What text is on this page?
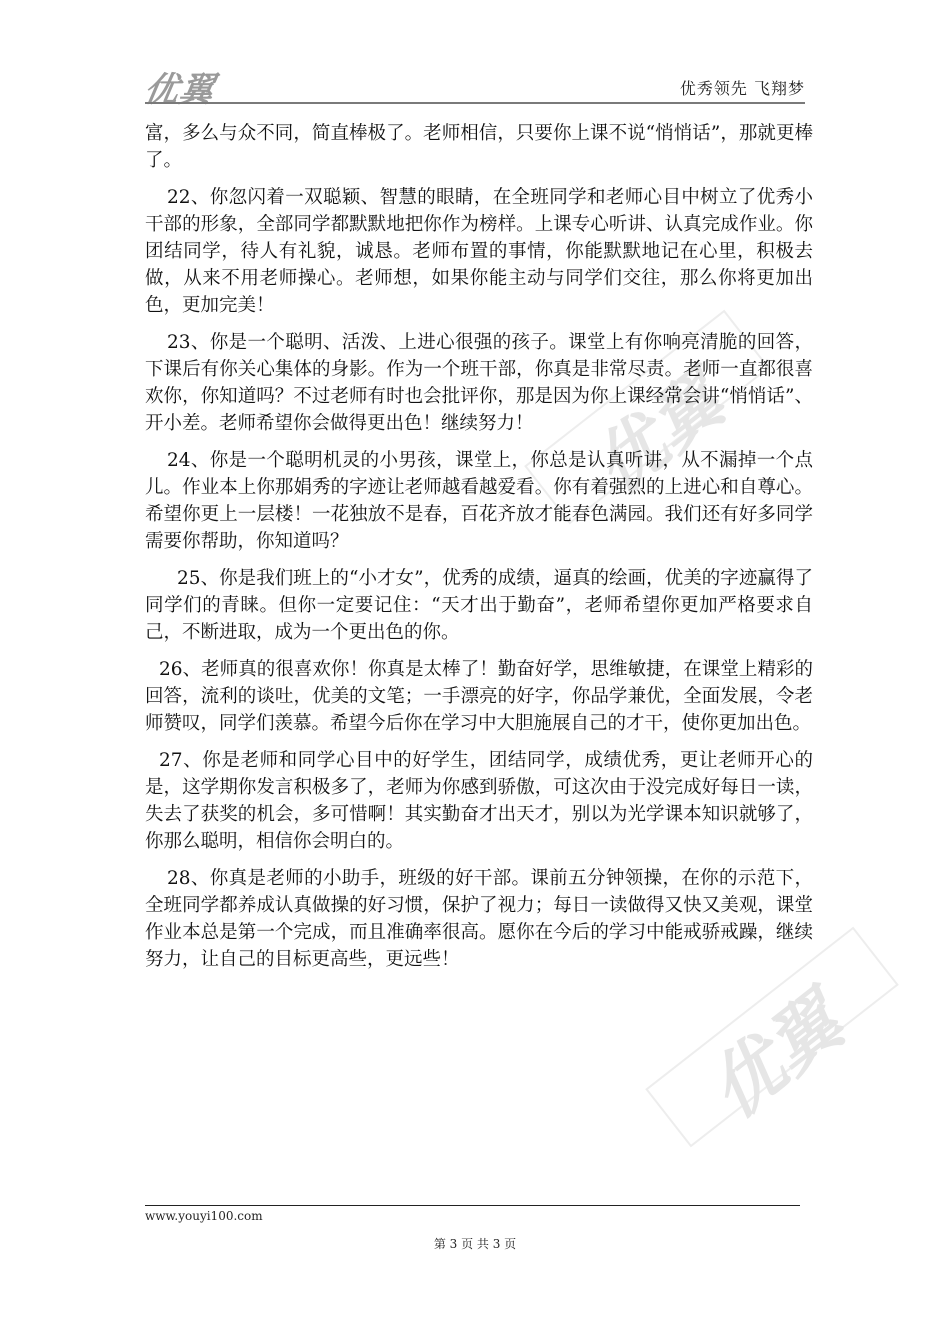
优翼	优秀领先 飞翔梦
优翼
优翼

富，多么与众不同，简直棒极了。老师相信，只要你上课不说“悄悄话”，那就更棒了。

22、你忽闪着一双聪颖、智慧的眼睛，在全班同学和老师心目中树立了优秀小干部的形象，全部同学都默默地把你作为榜样。上课专心听讲、认真完成作业。你团结同学，待人有礼貌，诚恳。老师布置的事情，你能默默地记在心里，积极去做，从来不用老师操心。老师想，如果你能主动与同学们交往，那么你将更加出色，更加完美！

23、你是一个聪明、活泼、上进心很强的孩子。课堂上有你响亮清脆的回答，下课后有你关心集体的身影。作为一个班干部，你真是非常尽责。老师一直都很喜欢你，你知道吗？不过老师有时也会批评你，那是因为你上课经常会讲“悄悄话”、开小差。老师希望你会做得更出色！继续努力！

24、你是一个聪明机灵的小男孩，课堂上，你总是认真听讲，从不漏掉一个点儿。作业本上你那娟秀的字迹让老师越看越爱看。你有着强烈的上进心和自尊心。希望你更上一层楼！一花独放不是春，百花齐放才能春色满园。我们还有好多同学需要你帮助，你知道吗？

25、你是我们班上的“小才女”，优秀的成绩，逼真的绘画，优美的字迹赢得了同学们的青睐。但你一定要记住：“天才出于勤奋”，老师希望你更加严格要求自己，不断进取，成为一个更出色的你。

26、老师真的很喜欢你！你真是太棒了！勤奋好学，思维敏捷，在课堂上精彩的回答，流利的谈吐，优美的文笔；一手漂亮的好字，你品学兼优，全面发展，令老师赞叹，同学们羡慕。希望今后你在学习中大胆施展自己的才干，使你更加出色。

27、你是老师和同学心目中的好学生，团结同学，成绩优秀，更让老师开心的是，这学期你发言积极多了，老师为你感到骄傲，可这次由于没完成好每日一读，失去了获奖的机会，多可惜啊！其实勤奋才出天才，别以为光学课本知识就够了，你那么聪明，相信你会明白的。

28、你真是老师的小助手，班级的好干部。课前五分钟领操，在你的示范下，全班同学都养成认真做操的好习惯，保护了视力；每日一读做得又快又美观，课堂作业本总是第一个完成，而且准确率很高。愿你在今后的学习中能戒骄戒躁，继续努力，让自己的目标更高些，更远些！

www.youyi100.com
第 3 页 共 3 页
